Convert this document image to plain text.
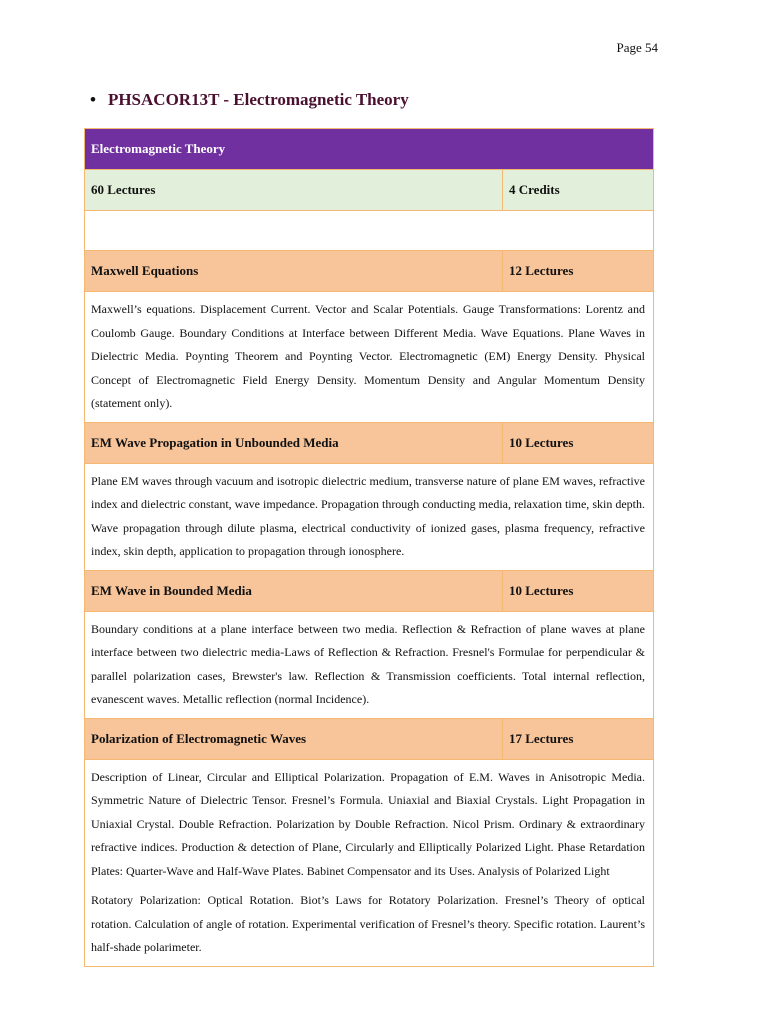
Page 54
• PHSACOR13T - Electromagnetic Theory
Electromagnetic Theory
60 Lectures	4 Credits
Maxwell Equations	12 Lectures

Maxwell’s equations. Displacement Current. Vector and Scalar Potentials. Gauge Transformations: Lorentz and Coulomb Gauge. Boundary Conditions at Interface between Different Media. Wave Equations. Plane Waves in Dielectric Media. Poynting Theorem and Poynting Vector. Electromagnetic (EM) Energy Density. Physical Concept of Electromagnetic Field Energy Density. Momentum Density and Angular Momentum Density (statement only).

EM Wave Propagation in Unbounded Media	10 Lectures

Plane EM waves through vacuum and isotropic dielectric medium, transverse nature of plane EM waves, refractive index and dielectric constant, wave impedance. Propagation through conducting media, relaxation time, skin depth. Wave propagation through dilute plasma, electrical conductivity of ionized gases, plasma frequency, refractive index, skin depth, application to propagation through ionosphere.

EM Wave in Bounded Media	10 Lectures

Boundary conditions at a plane interface between two media. Reflection & Refraction of plane waves at plane interface between two dielectric media-Laws of Reflection & Refraction. Fresnel's Formulae for perpendicular & parallel polarization cases, Brewster's law. Reflection & Transmission coefficients. Total internal reflection, evanescent waves. Metallic reflection (normal Incidence).

Polarization of Electromagnetic Waves	17 Lectures

Description of Linear, Circular and Elliptical Polarization. Propagation of E.M. Waves in Anisotropic Media. Symmetric Nature of Dielectric Tensor. Fresnel’s Formula. Uniaxial and Biaxial Crystals. Light Propagation in Uniaxial Crystal. Double Refraction. Polarization by Double Refraction. Nicol Prism. Ordinary & extraordinary refractive indices. Production & detection of Plane, Circularly and Elliptically Polarized Light. Phase Retardation Plates: Quarter-Wave and Half-Wave Plates. Babinet Compensator and its Uses. Analysis of Polarized Light

Rotatory Polarization: Optical Rotation. Biot’s Laws for Rotatory Polarization. Fresnel’s Theory of optical rotation. Calculation of angle of rotation. Experimental verification of Fresnel’s theory. Specific rotation. Laurent’s half-shade polarimeter.
